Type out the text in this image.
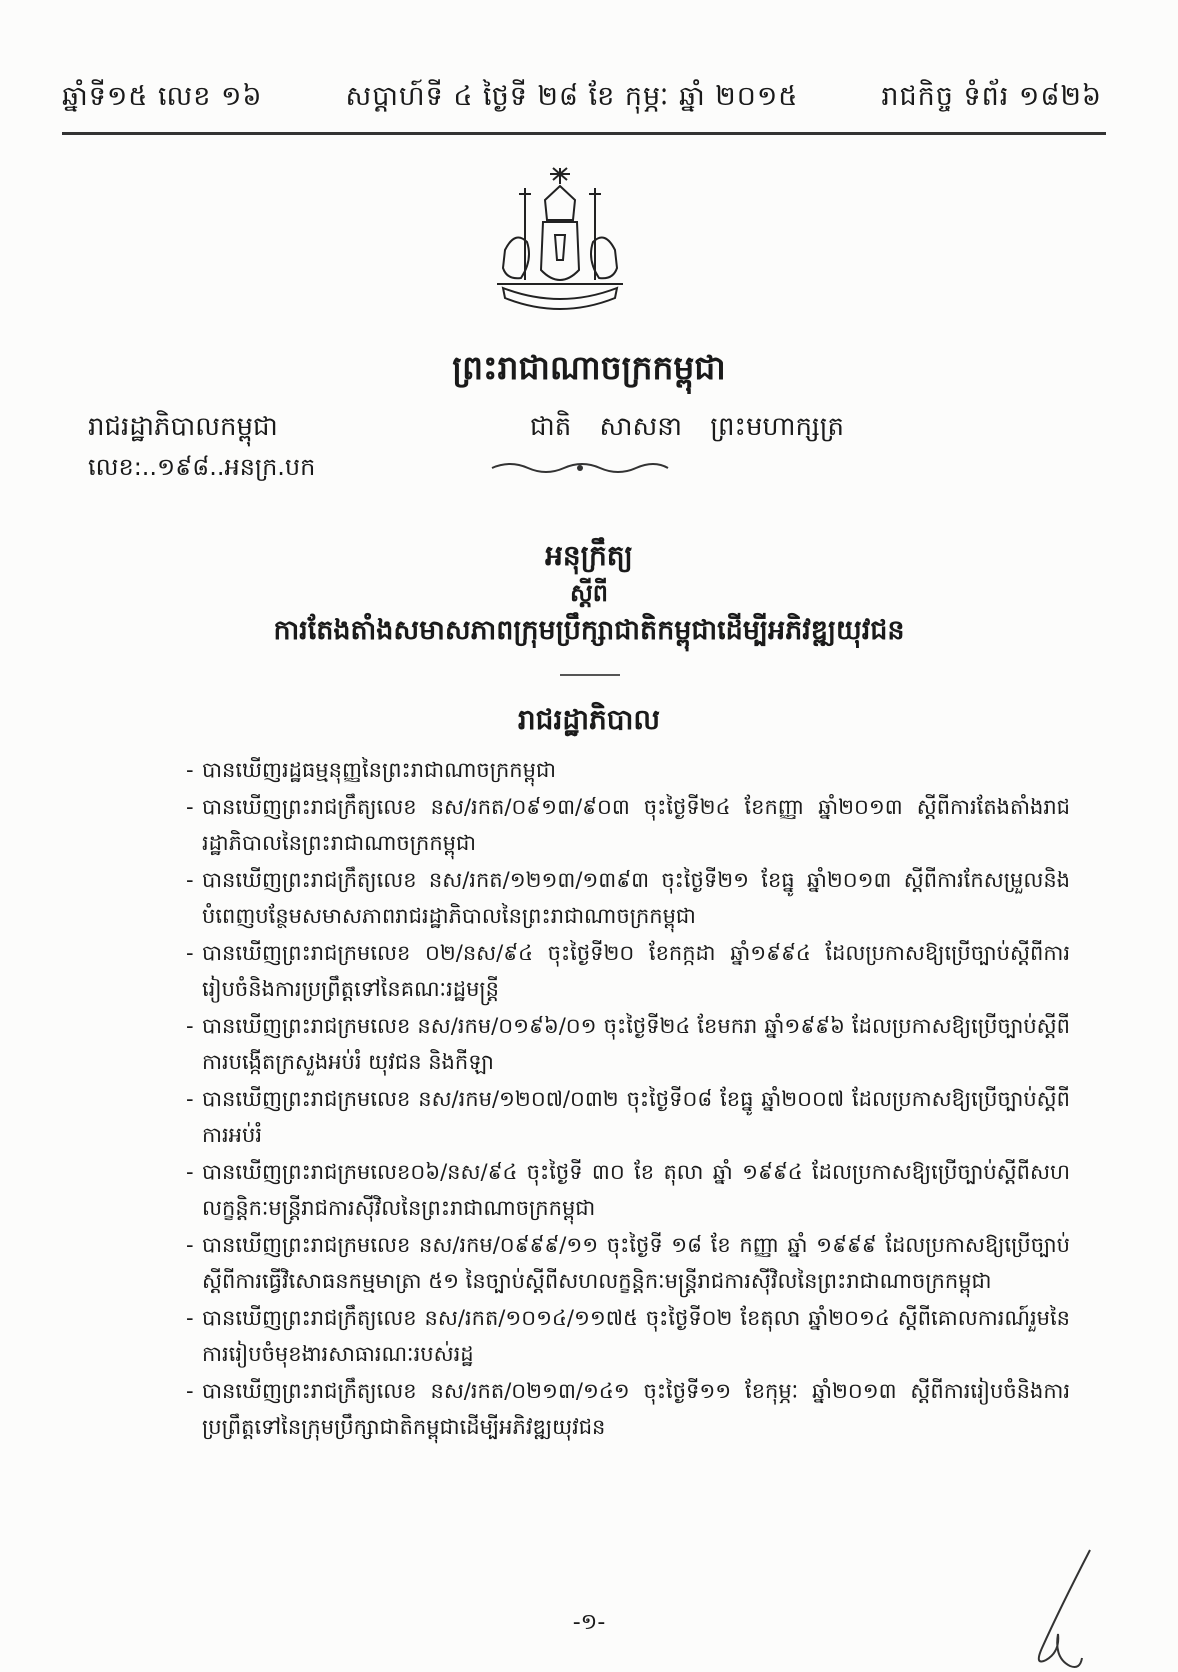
ឆ្នាំទី១៥ លេខ ១៦	សប្ដាហ៍ទី ៤ ថ្ងៃទី ២៨ ខែ កុម្ភៈ ឆ្នាំ ២០១៥	រាជកិច្ច ទំព័រ ១៨២៦
ព្រះរាជាណាចក្រកម្ពុជា
រាជរដ្ឋាភិបាលកម្ពុជា	ជាតិ សាសនា ព្រះមហាក្សត្រ
លេខ:..១៩៨..អនក្រ.បក
អនុក្រឹត្យ
ស្ដីពី
ការតែងតាំងសមាសភាពក្រុមប្រឹក្សាជាតិកម្ពុជាដើម្បីអភិវឌ្ឍយុវជន
រាជរដ្ឋាភិបាល
- បានឃើញរដ្ឋធម្មនុញ្ញនៃព្រះរាជាណាចក្រកម្ពុជា
- បានឃើញព្រះរាជក្រឹត្យលេខ នស/រកត/០៩១៣/៩០៣ ចុះថ្ងៃទី២៤ ខែកញ្ញា ឆ្នាំ២០១៣ ស្ដីពីការតែងតាំងរាជរដ្ឋាភិបាលនៃព្រះរាជាណាចក្រកម្ពុជា
- បានឃើញព្រះរាជក្រឹត្យលេខ នស/រកត/១២១៣/១៣៩៣ ចុះថ្ងៃទី២១ ខែធ្នូ ឆ្នាំ២០១៣ ស្ដីពីការកែសម្រួលនិងបំពេញបន្ថែមសមាសភាពរាជរដ្ឋាភិបាលនៃព្រះរាជាណាចក្រកម្ពុជា
- បានឃើញព្រះរាជក្រមលេខ ០២/នស/៩៤ ចុះថ្ងៃទី២០ ខែកក្កដា ឆ្នាំ១៩៩៤ ដែលប្រកាសឱ្យប្រើច្បាប់ស្ដីពីការរៀបចំនិងការប្រព្រឹត្តទៅនៃគណៈរដ្ឋមន្ត្រី
- បានឃើញព្រះរាជក្រមលេខ នស/រកម/០១៩៦/០១ ចុះថ្ងៃទី២៤ ខែមករា ឆ្នាំ១៩៩៦ ដែលប្រកាសឱ្យប្រើច្បាប់ស្ដីពីការបង្កើតក្រសួងអប់រំ យុវជន និងកីឡា
- បានឃើញព្រះរាជក្រមលេខ នស/រកម/១២០៧/០៣២ ចុះថ្ងៃទី០៨ ខែធ្នូ ឆ្នាំ២០០៧ ដែលប្រកាសឱ្យប្រើច្បាប់ស្ដីពីការអប់រំ
- បានឃើញព្រះរាជក្រមលេខ០៦/នស/៩៤ ចុះថ្ងៃទី ៣០ ខែ តុលា ឆ្នាំ ១៩៩៤ ដែលប្រកាសឱ្យប្រើច្បាប់ស្ដីពីសហលក្ខន្តិកៈមន្ត្រីរាជការស៊ីវិលនៃព្រះរាជាណាចក្រកម្ពុជា
- បានឃើញព្រះរាជក្រមលេខ នស/រកម/០៩៩៩/១១ ចុះថ្ងៃទី ១៨ ខែ កញ្ញា ឆ្នាំ ១៩៩៩ ដែលប្រកាសឱ្យប្រើច្បាប់ស្ដីពីការធ្វើវិសោធនកម្មមាត្រា ៥១ នៃច្បាប់ស្ដីពីសហលក្ខន្តិកៈមន្ត្រីរាជការស៊ីវិលនៃព្រះរាជាណាចក្រកម្ពុជា
- បានឃើញព្រះរាជក្រឹត្យលេខ នស/រកត/១០១៤/១១៧៥ ចុះថ្ងៃទី០២ ខែតុលា ឆ្នាំ២០១៤ ស្ដីពីគោលការណ៍រួមនៃការរៀបចំមុខងារសាធារណៈរបស់រដ្ឋ
- បានឃើញព្រះរាជក្រឹត្យលេខ នស/រកត/០២១៣/១៤១ ចុះថ្ងៃទី១១ ខែកុម្ភៈ ឆ្នាំ២០១៣ ស្ដីពីការរៀបចំនិងការប្រព្រឹត្តទៅនៃក្រុមប្រឹក្សាជាតិកម្ពុជាដើម្បីអភិវឌ្ឍយុវជន
-១-
